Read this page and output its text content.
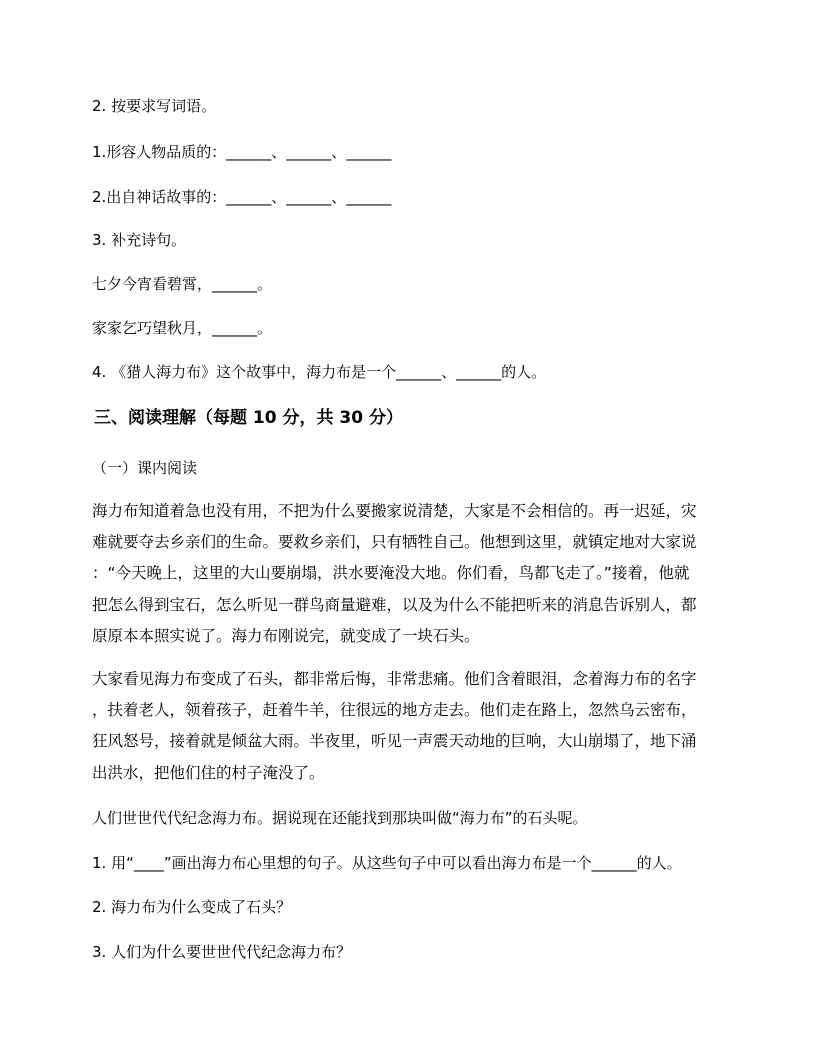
2. 按要求写词语。
1.形容人物品质的：______、______、______
2.出自神话故事的：______、______、______
3. 补充诗句。
七夕今宵看碧霄，______。
家家乞巧望秋月，______。
4. 《猎人海力布》这个故事中，海力布是一个______、______的人。
三、阅读理解（每题 10 分，共 30 分）
（一）课内阅读
海力布知道着急也没有用，不把为什么要搬家说清楚，大家是不会相信的。再一迟延，灾
难就要夺去乡亲们的生命。要救乡亲们，只有牺牲自己。他想到这里，就镇定地对大家说
：“今天晚上，这里的大山要崩塌，洪水要淹没大地。你们看，鸟都飞走了。”接着，他就
把怎么得到宝石，怎么听见一群鸟商量避难，以及为什么不能把听来的消息告诉别人，都
原原本本照实说了。海力布刚说完，就变成了一块石头。
大家看见海力布变成了石头，都非常后悔，非常悲痛。他们含着眼泪，念着海力布的名字
，扶着老人，领着孩子，赶着牛羊，往很远的地方走去。他们走在路上，忽然乌云密布，
狂风怒号，接着就是倾盆大雨。半夜里，听见一声震天动地的巨响，大山崩塌了，地下涌
出洪水，把他们住的村子淹没了。
人们世世代代纪念海力布。据说现在还能找到那块叫做“海力布”的石头呢。
1. 用“____”画出海力布心里想的句子。从这些句子中可以看出海力布是一个______的人。
2. 海力布为什么变成了石头？
3. 人们为什么要世世代代纪念海力布？
